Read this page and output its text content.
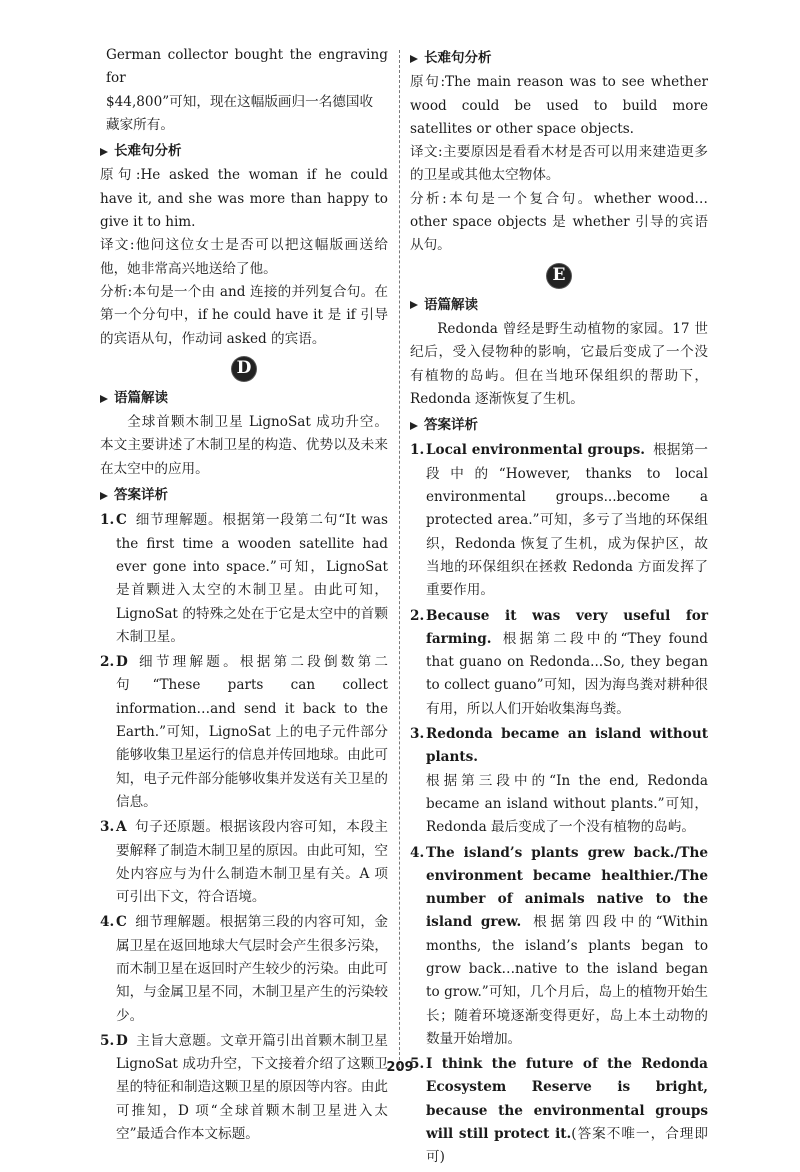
German collector bought the engraving for

$44,800”可知，现在这幅版画归一名德国收

藏家所有。

长难句分析

原句:He asked the woman if he could have it, and she was more than happy to give it to him.

译文:他问这位女士是否可以把这幅版画送给他，她非常高兴地送给了他。

分析:本句是一个由 and 连接的并列复合句。在第一个分句中，if he could have it 是 if 引导的宾语从句，作动词 asked 的宾语。

D
语篇解读

全球首颗木制卫星 LignoSat 成功升空。本文主要讲述了木制卫星的构造、优势以及未来在太空中的应用。

答案详析
1. C 细节理解题。根据第一段第二句“It was the first time a wooden satellite had ever gone into space.”可知，LignoSat 是首颗进入太空的木制卫星。由此可知，LignoSat 的特殊之处在于它是太空中的首颗木制卫星。
2. D 细节理解题。根据第二段倒数第二句“These parts can collect information…and send it back to the Earth.”可知，LignoSat 上的电子元件部分能够收集卫星运行的信息并传回地球。由此可知，电子元件部分能够收集并发送有关卫星的信息。
3. A 句子还原题。根据该段内容可知，本段主要解释了制造木制卫星的原因。由此可知，空处内容应与为什么制造木制卫星有关。A 项可引出下文，符合语境。
4. C 细节理解题。根据第三段的内容可知，金属卫星在返回地球大气层时会产生很多污染，而木制卫星在返回时产生较少的污染。由此可知，与金属卫星不同，木制卫星产生的污染较少。
5. D 主旨大意题。文章开篇引出首颗木制卫星 LignoSat 成功升空，下文接着介绍了这颗卫星的特征和制造这颗卫星的原因等内容。由此可推知，D 项“全球首颗木制卫星进入太空”最适合作本文标题。
长难句分析

原句:The main reason was to see whether wood could be used to build more satellites or other space objects.

译文:主要原因是看看木材是否可以用来建造更多的卫星或其他太空物体。

分析:本句是一个复合句。whether wood… other space objects 是 whether 引导的宾语从句。

E
语篇解读

Redonda 曾经是野生动植物的家园。17 世纪后，受入侵物种的影响，它最后变成了一个没有植物的岛屿。但在当地环保组织的帮助下，Redonda 逐渐恢复了生机。

答案详析
1. Local environmental groups. 根据第一段中的“However, thanks to local environmental groups...become a protected area.”可知，多亏了当地的环保组织，Redonda 恢复了生机，成为保护区，故当地的环保组织在拯救 Redonda 方面发挥了重要作用。
2. Because it was very useful for farming. 根据第二段中的“They found that guano on Redonda...So, they began to collect guano”可知，因为海鸟粪对耕种很有用，所以人们开始收集海鸟粪。
3. Redonda became an island without plants.
根据第三段中的“In the end, Redonda became an island without plants.”可知，Redonda 最后变成了一个没有植物的岛屿。
4. The island’s plants grew back./The environment became healthier./The number of animals native to the island grew. 根据第四段中的“Within months, the island’s plants began to grow back…native to the island began to grow.”可知，几个月后，岛上的植物开始生长；随着环境逐渐变得更好，岛上本土动物的数量开始增加。
5. I think the future of the Redonda Ecosystem Reserve is bright, because the environmental groups will still protect it.(答案不唯一，合理即可)
209
